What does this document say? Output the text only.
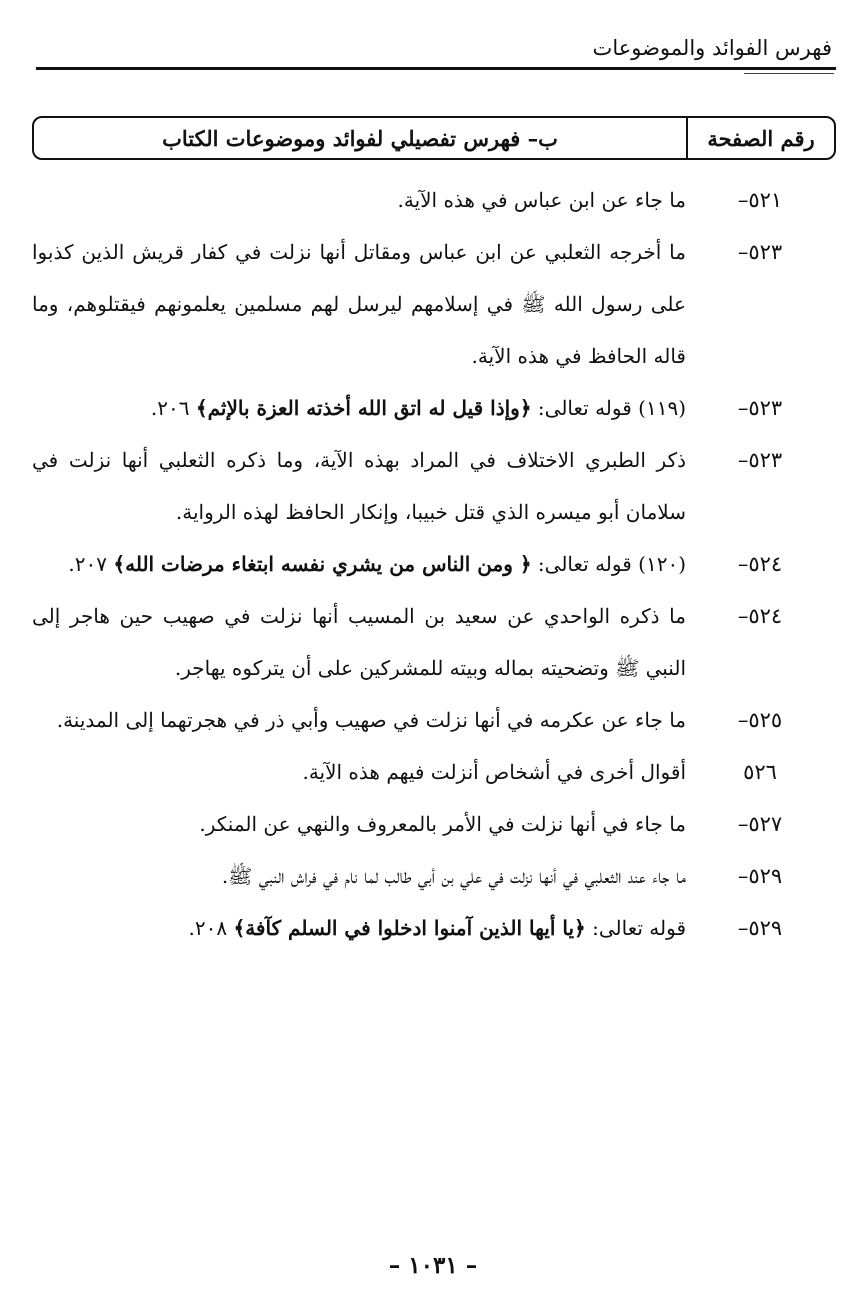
فهرس الفوائد والموضوعات
رقم الصفحة
ب– فهرس تفصيلي لفوائد وموضوعات الكتاب
٥٢١–
ما جاء عن ابن عباس في هذه الآية.
٥٢٣–
ما أخرجه الثعلبي عن ابن عباس ومقاتل أنها نزلت في كفار قريش الذين كذبوا على رسول الله ﷺ في إسلامهم ليرسل لهم مسلمين يعلمونهم فيقتلوهم، وما قاله الحافظ في هذه الآية.
٥٢٣–
(١١٩) قوله تعالى: ﴿وإذا قيل له اتق الله أخذته العزة بالإثم﴾ ٢٠٦.
٥٢٣–
ذكر الطبري الاختلاف في المراد بهذه الآية، وما ذكره الثعلبي أنها نزلت في سلامان أبو ميسره الذي قتل خبيبا، وإنكار الحافظ لهذه الرواية.
٥٢٤–
(١٢٠) قوله تعالى: ﴿ ومن الناس من يشري نفسه ابتغاء مرضات الله﴾ ٢٠٧.
٥٢٤–
ما ذكره الواحدي عن سعيد بن المسيب أنها نزلت في صهيب حين هاجر إلى النبي ﷺ وتضحيته بماله وبيته للمشركين على أن يتركوه يهاجر.
٥٢٥–
ما جاء عن عكرمه في أنها نزلت في صهيب وأبي ذر في هجرتهما إلى المدينة.
٥٢٦
أقوال أخرى في أشخاص أنزلت فيهم هذه الآية.
٥٢٧–
ما جاء في أنها نزلت في الأمر بالمعروف والنهي عن المنكر.
٥٢٩–
ما جاء عند الثعلبي في أنها نزلت في علي بن أبي طالب لما نام في فراش النبي ﷺ.
٥٢٩–
قوله تعالى: ﴿يا أيها الذين آمنوا ادخلوا في السلم كآفة﴾ ٢٠٨.
– ١٠٣١ –
